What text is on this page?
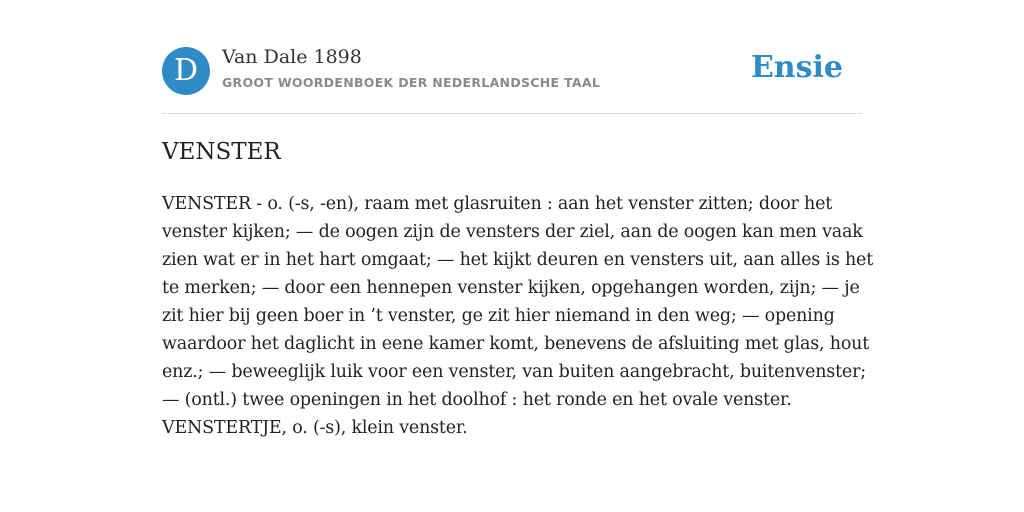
D	Van Dale 1898
GROOT WOORDENBOEK DER NEDERLANDSCHE TAAL	Ensie
VENSTER

VENSTER - o. (-s, -en), raam met glasruiten : aan het venster zitten; door het
venster kijken; — de oogen zijn de vensters der ziel, aan de oogen kan men vaak
zien wat er in het hart omgaat; — het kijkt deuren en vensters uit, aan alles is het
te merken; — door een hennepen venster kijken, opgehangen worden, zijn; — je
zit hier bij geen boer in ’t venster, ge zit hier niemand in den weg; — opening
waardoor het daglicht in eene kamer komt, benevens de afsluiting met glas, hout
enz.; — beweeglijk luik voor een venster, van buiten aangebracht, buitenvenster;
— (ontl.) twee openingen in het doolhof : het ronde en het ovale venster.
VENSTERTJE, o. (-s), klein venster.
